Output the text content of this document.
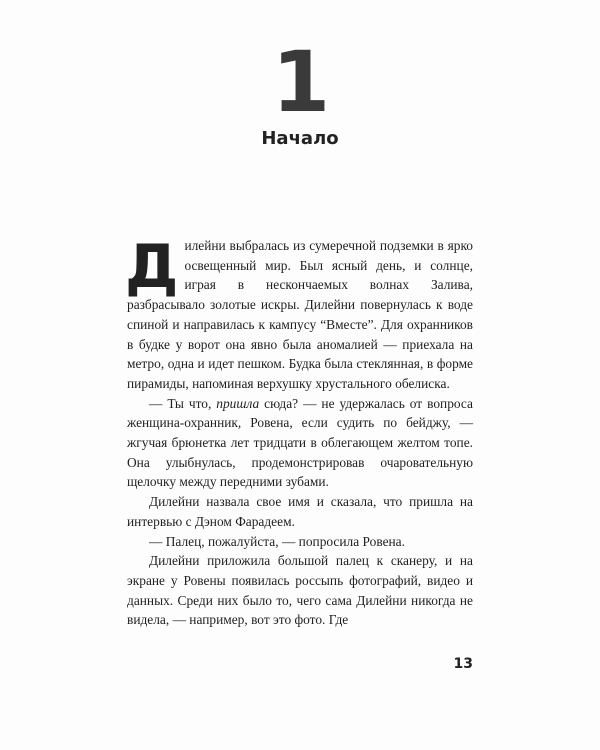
1
Начало

Дилейни выбралась из сумеречной подземки в ярко освещенный мир. Был ясный день, и солнце, играя в нескончаемых волнах Залива, разбрасывало золотые искры. Дилейни повернулась к воде спиной и направилась к кампусу “Вместе”. Для охранников в будке у ворот она явно была аномалией — приехала на метро, одна и идет пешком. Будка была стеклянная, в форме пирамиды, напоминая верхушку хрустального обелиска.

— Ты что, пришла сюда? — не удержалась от вопроса женщина-охранник, Ровена, если судить по бейджу, — жгучая брюнетка лет тридцати в облегающем желтом топе. Она улыбнулась, продемонстрировав очаровательную щелочку между передними зубами.

Дилейни назвала свое имя и сказала, что пришла на интервью с Дэном Фарадеем.

— Палец, пожалуйста, — попросила Ровена.

Дилейни приложила большой палец к сканеру, и на экране у Ровены появилась россыпь фотографий, видео и данных. Среди них было то, чего сама Дилейни никогда не видела, — например, вот это фото. Где

13
